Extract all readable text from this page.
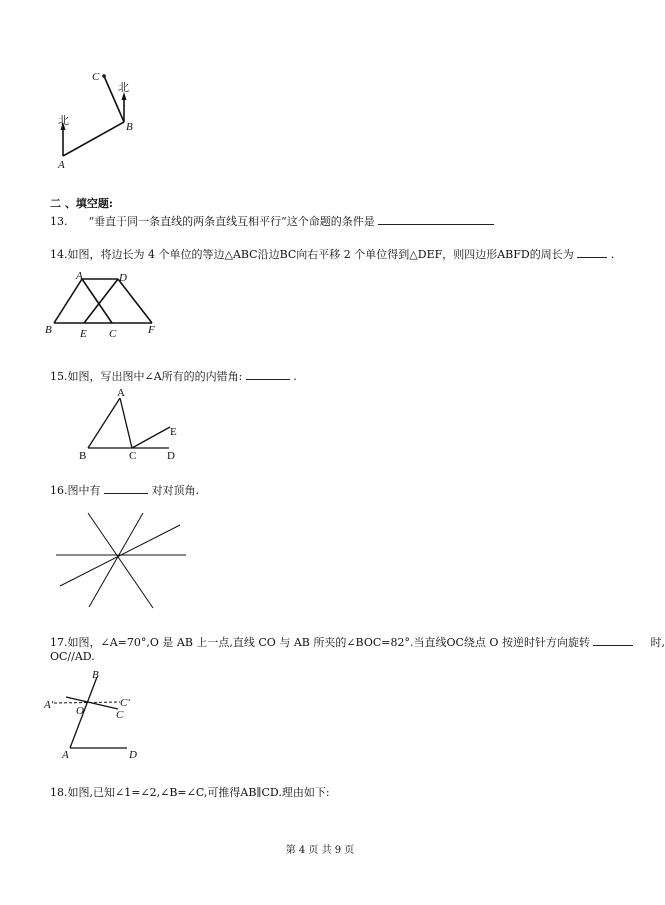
北
北
C
B
A
二 、填空题:
13. “垂直于同一条直线的两条直线互相平行”这个命题的条件是
14.如图，将边长为 4 个单位的等边△ABC沿边BC向右平移 2 个单位得到△DEF，则四边形ABFD的周长为	.
A	D
B	E C	F
15.如图，写出图中∠A所有的的内错角:	.
A
E
B	C	D
16.图中有	对对顶角.
17.如图，∠A=70°,O 是 AB 上一点,直线 CO 与 AB 所夹的∠BOC=82°.当直线OC绕点 O 按逆时针方向旋转	时,
OC//AD.
B
A'	C'
O	C
A	D
18.如图,已知∠1=∠2,∠B=∠C,可推得AB∥CD.理由如下:
第 4 页 共 9 页
